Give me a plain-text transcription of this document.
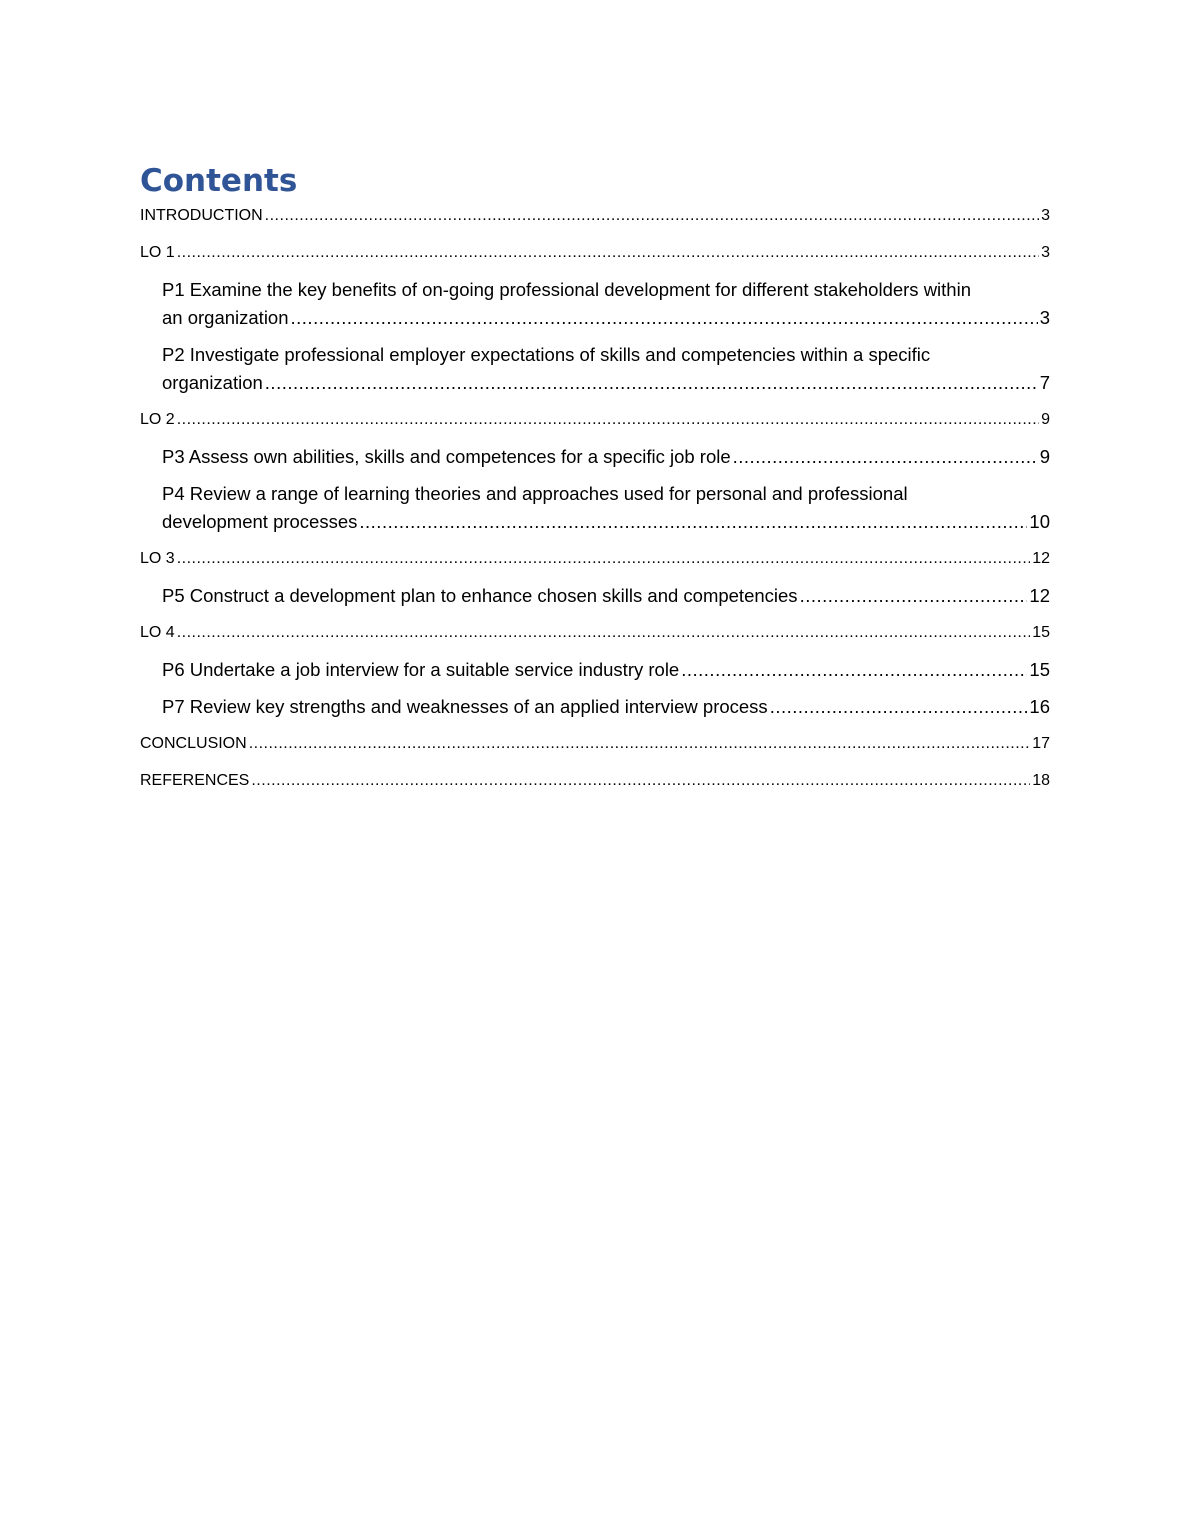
Contents
INTRODUCTION .....	3
LO 1 .....	3
P1 Examine the key benefits of on-going professional development for different stakeholders within
an organization .....	3
P2 Investigate professional employer expectations of skills and competencies within a specific
organization .....	7
LO 2 .....	9
P3 Assess own abilities, skills and competences for a specific job role .....	9
P4 Review a range of learning theories and approaches used for personal and professional
development processes .....	10
LO 3 .....	12
P5 Construct a development plan to enhance chosen skills and competencies .....	12
LO 4 .....	15
P6 Undertake a job interview for a suitable service industry role .....	15
P7 Review key strengths and weaknesses of an applied interview process .....	16
CONCLUSION .....	17
REFERENCES .....	18
